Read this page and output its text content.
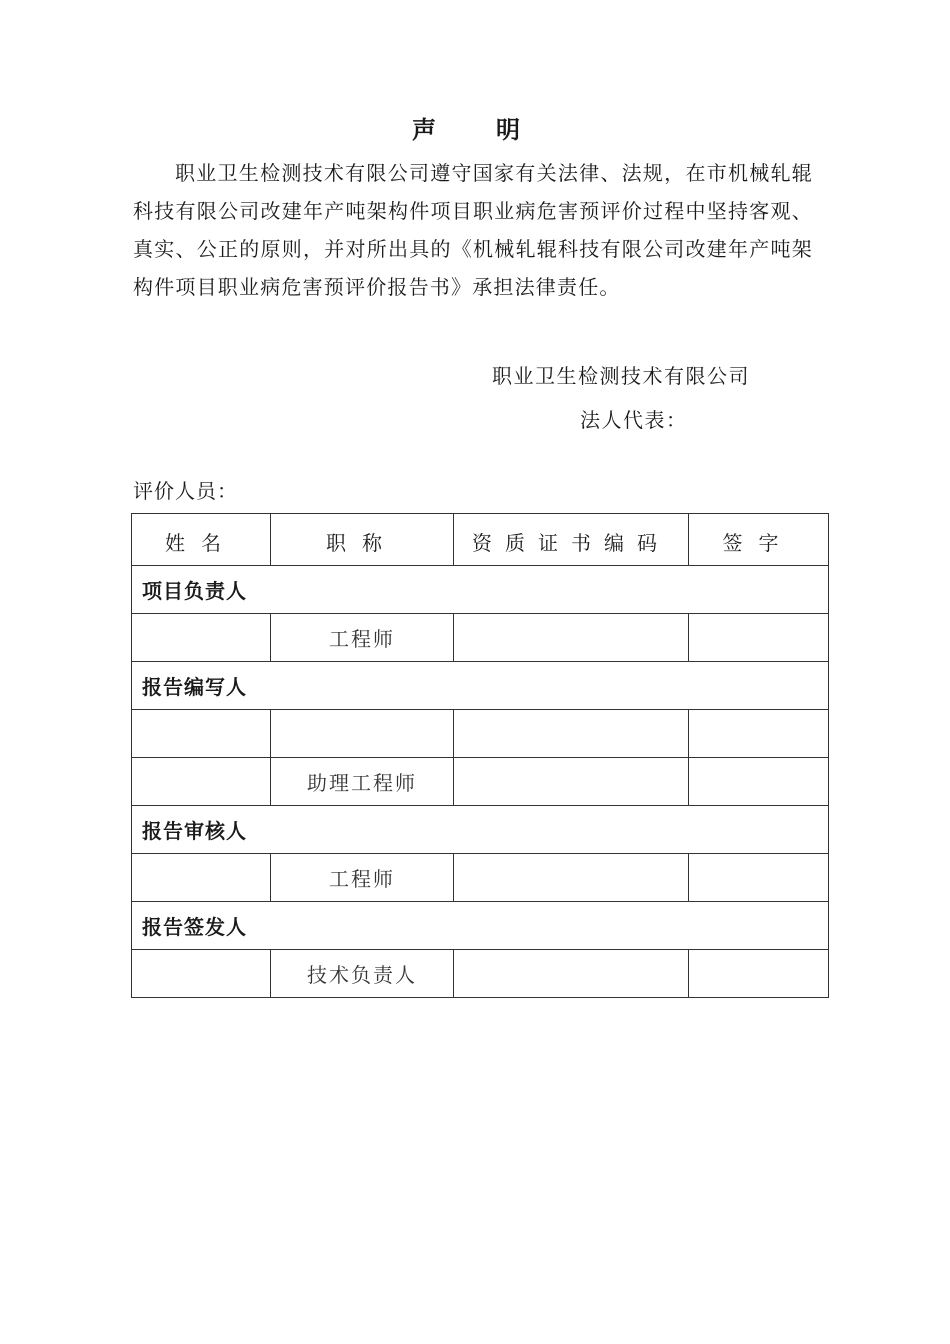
声　明

职业卫生检测技术有限公司遵守国家有关法律、法规，在市机械轧辊科技有限公司改建年产吨架构件项目职业病危害预评价过程中坚持客观、真实、公正的原则，并对所出具的《机械轧辊科技有限公司改建年产吨架构件项目职业病危害预评价报告书》承担法律责任。

职业卫生检测技术有限公司
法人代表：
评价人员：
姓名	职称	资质证书编码	签字
项目负责人			
	工程师		
报告编写人			

	助理工程师		
报告审核人			
	工程师		
报告签发人			
	技术负责人		
